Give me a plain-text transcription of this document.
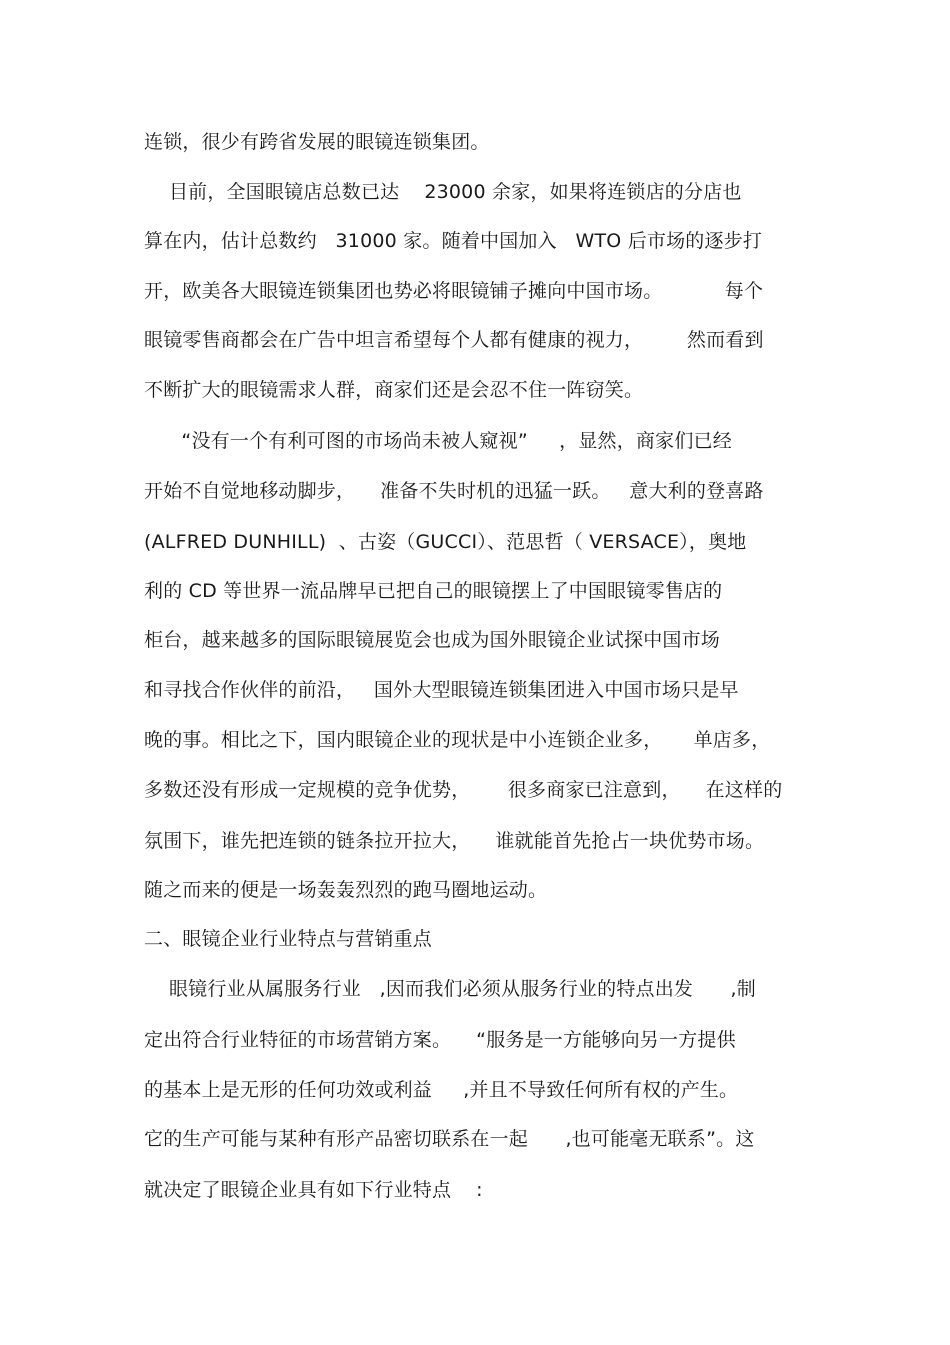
连锁，很少有跨省发展的眼镜连锁集团。
目前，全国眼镜店总数已达    23000 余家，如果将连锁店的分店也
算在内，估计总数约   31000 家。随着中国加入   WTO 后市场的逐步打
开，欧美各大眼镜连锁集团也势必将眼镜铺子摊向中国市场。          每个
眼镜零售商都会在广告中坦言希望每个人都有健康的视力，       然而看到
不断扩大的眼镜需求人群，商家们还是会忍不住一阵窃笑。
“没有一个有利可图的市场尚未被人窥视”     ，显然，商家们已经
开始不自觉地移动脚步，    准备不失时机的迅猛一跃。   意大利的登喜路
(ALFRED DUNHILL)  、古姿（GUCCI）、范思哲（ VERSACE），奥地
利的 CD 等世界一流品牌早已把自己的眼镜摆上了中国眼镜零售店的
柜台，越来越多的国际眼镜展览会也成为国外眼镜企业试探中国市场
和寻找合作伙伴的前沿，   国外大型眼镜连锁集团进入中国市场只是早
晚的事。相比之下，国内眼镜企业的现状是中小连锁企业多，     单店多，
多数还没有形成一定规模的竞争优势，      很多商家已注意到，    在这样的
氛围下，谁先把连锁的链条拉开拉大，    谁就能首先抢占一块优势市场。
随之而来的便是一场轰轰烈烈的跑马圈地运动。
二、眼镜企业行业特点与营销重点
眼镜行业从属服务行业   ,因而我们必须从服务行业的特点出发      ,制
定出符合行业特征的市场营销方案。    “服务是一方能够向另一方提供
的基本上是无形的任何功效或利益     ,并且不导致任何所有权的产生。
它的生产可能与某种有形产品密切联系在一起      ,也可能毫无联系”。这
就决定了眼镜企业具有如下行业特点    :
